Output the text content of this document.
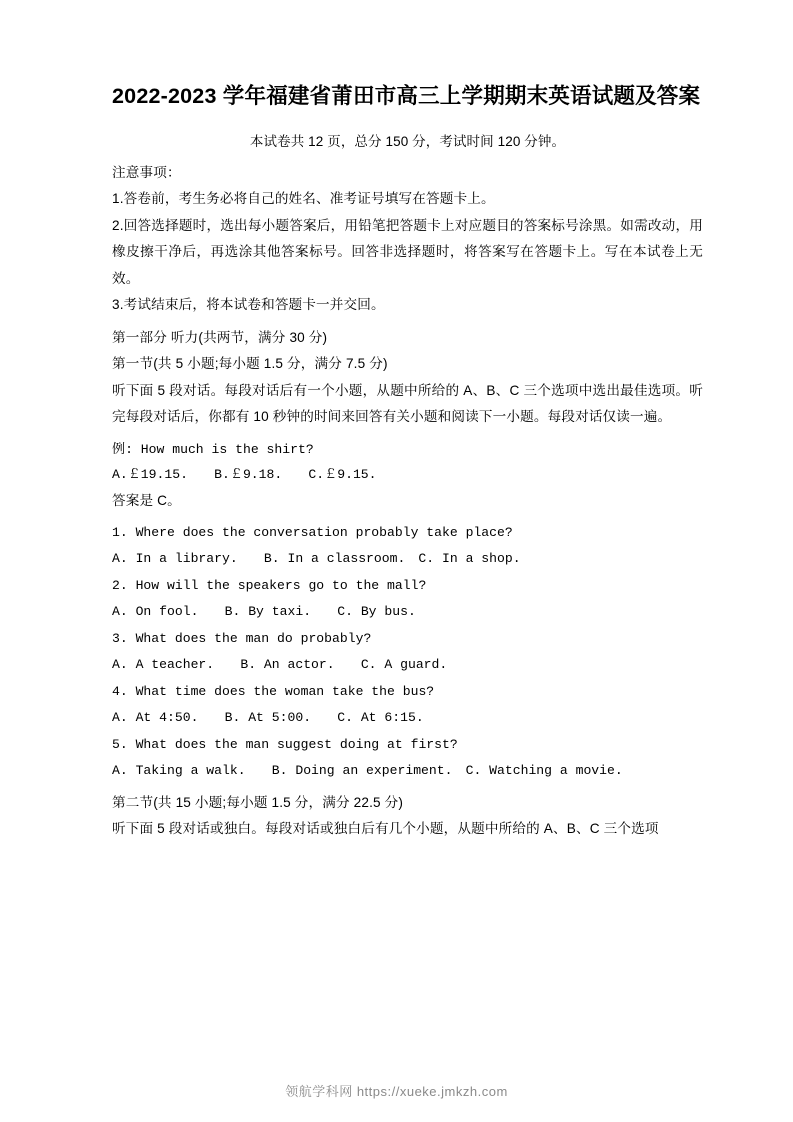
2022-2023 学年福建省莆田市高三上学期期末英语试题及答案
本试卷共 12 页，总分 150 分，考试时间 120 分钟。

注意事项：

1.答卷前，考生务必将自己的姓名、准考证号填写在答题卡上。

2.回答选择题时，选出每小题答案后，用铅笔把答题卡上对应题目的答案标号涂黑。如需改动，用橡皮擦干净后，再选涂其他答案标号。回答非选择题时，将答案写在答题卡上。写在本试卷上无效。

3.考试结束后，将本试卷和答题卡一并交回。

第一部分 听力(共两节，满分 30 分)

第一节(共 5 小题;每小题 1.5 分，满分 7.5 分)

听下面 5 段对话。每段对话后有一个小题，从题中所给的 A、B、C 三个选项中选出最佳选项。听完每段对话后，你都有 10 秒钟的时间来回答有关小题和阅读下一小题。每段对话仅读一遍。

例: How much is the shirt?

A.￡19.15.　　B.￡9.18.　　C.￡9.15.

答案是 C。

1. Where does the conversation probably take place?

A. In a library.　　B. In a classroom.　C. In a shop.

2. How will the speakers go to the mall?

A. On fool.　　B. By taxi.　　C. By bus.

3. What does the man do probably?

A. A teacher.　　B. An actor.　　C. A guard.

4. What time does the woman take the bus?

A. At 4:50.　　B. At 5:00.　　C. At 6:15.

5. What does the man suggest doing at first?

A. Taking a walk.　　B. Doing an experiment.　C. Watching a movie.

第二节(共 15 小题;每小题 1.5 分，满分 22.5 分)

听下面 5 段对话或独白。每段对话或独白后有几个小题，从题中所给的 A、B、C 三个选项

领航学科网 https://xueke.jmkzh.com
